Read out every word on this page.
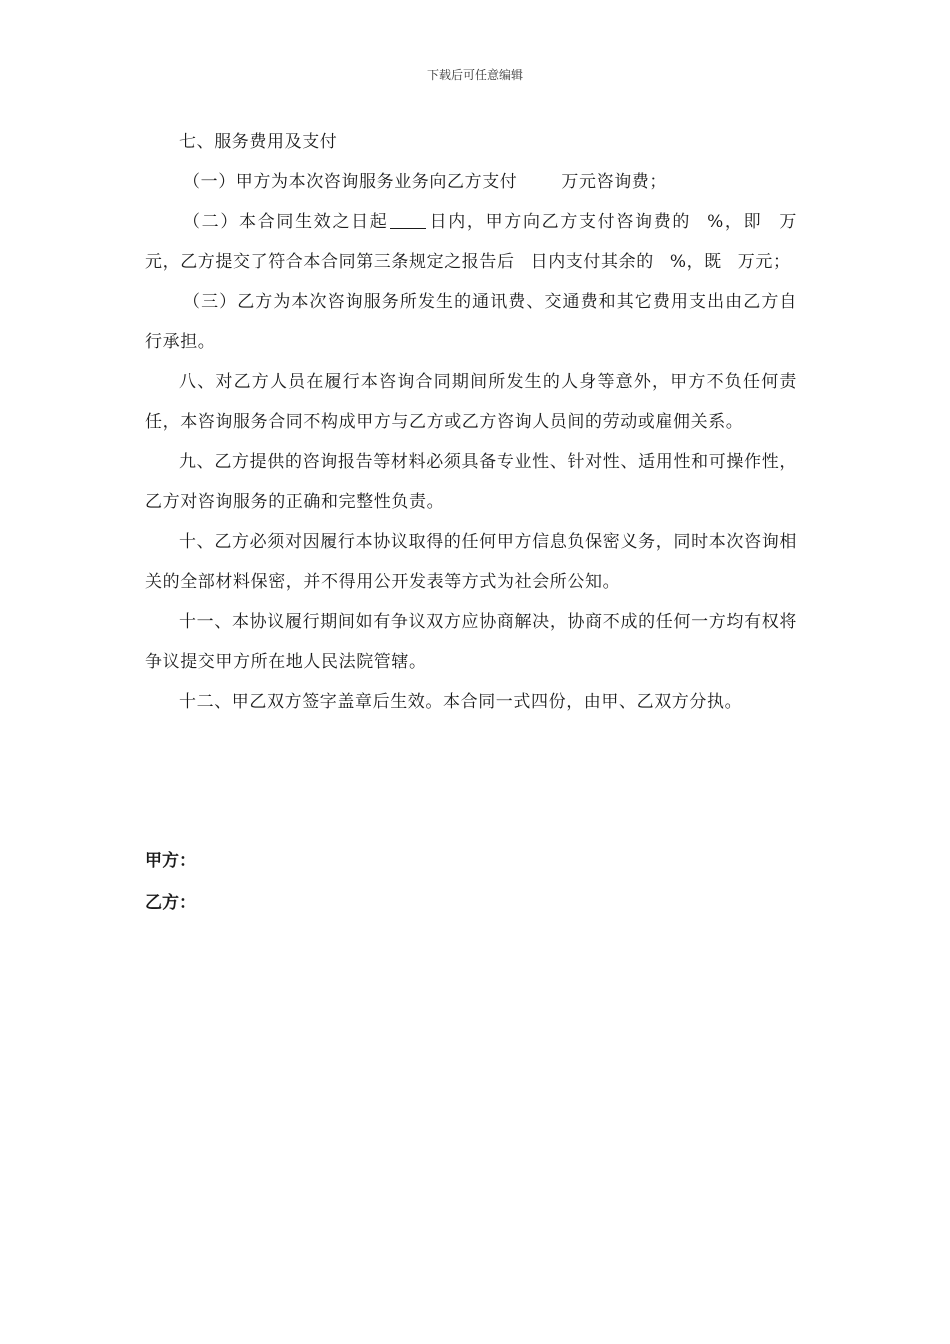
下载后可任意编辑

七、服务费用及支付

（一）甲方为本次咨询服务业务向乙方支付	万元咨询费；

（二）本合同生效之日起 日内，甲方向乙方支付咨询费的 %，即 万元，乙方提交了符合本合同第三条规定之报告后 日内支付其余的 %，既 万元；

（三）乙方为本次咨询服务所发生的通讯费、交通费和其它费用支出由乙方自行承担。

八、对乙方人员在履行本咨询合同期间所发生的人身等意外，甲方不负任何责任，本咨询服务合同不构成甲方与乙方或乙方咨询人员间的劳动或雇佣关系。

九、乙方提供的咨询报告等材料必须具备专业性、针对性、适用性和可操作性，乙方对咨询服务的正确和完整性负责。

十、乙方必须对因履行本协议取得的任何甲方信息负保密义务，同时本次咨询相关的全部材料保密，并不得用公开发表等方式为社会所公知。

十一、本协议履行期间如有争议双方应协商解决，协商不成的任何一方均有权将争议提交甲方所在地人民法院管辖。

十二、甲乙双方签字盖章后生效。本合同一式四份，由甲、乙双方分执。

甲方：
乙方：
